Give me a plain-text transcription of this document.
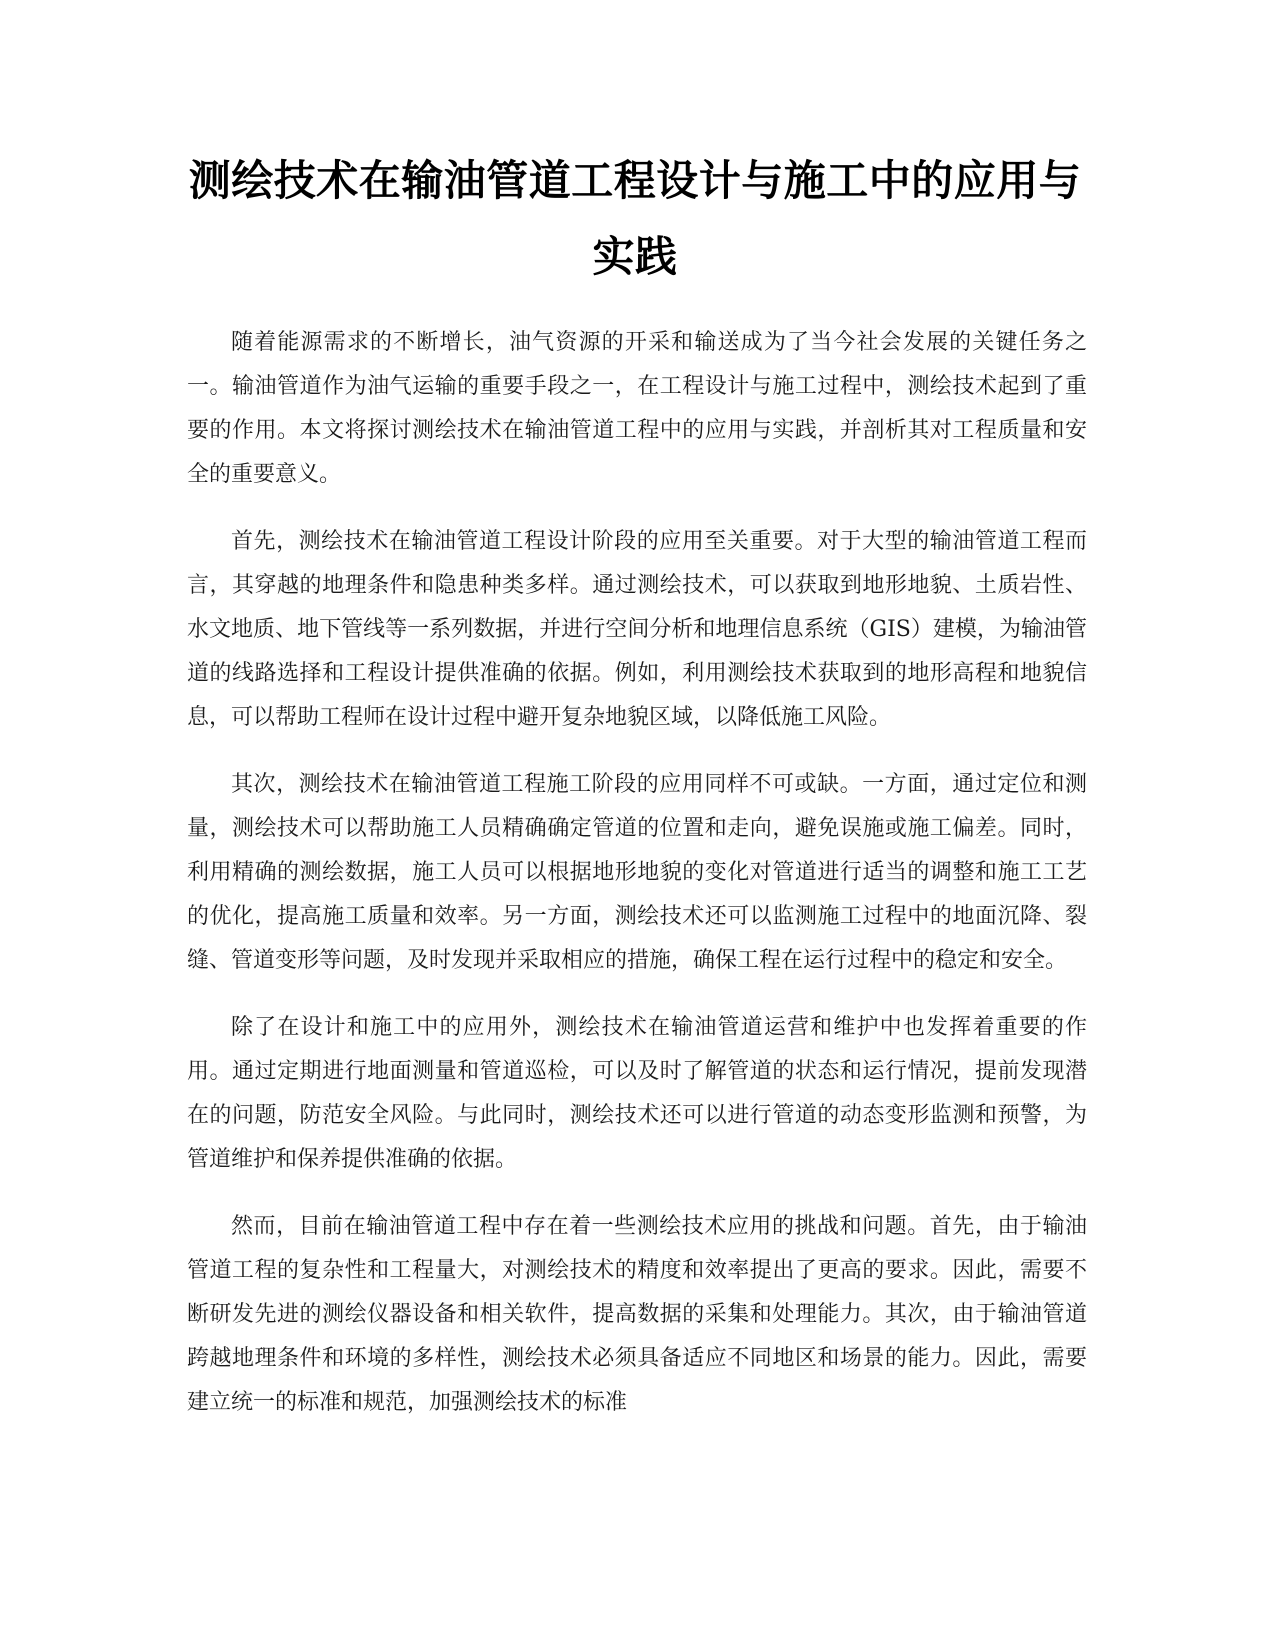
测绘技术在输油管道工程设计与施工中的应用与实践

随着能源需求的不断增长，油气资源的开采和输送成为了当今社会发展的关键任务之一。输油管道作为油气运输的重要手段之一，在工程设计与施工过程中，测绘技术起到了重要的作用。本文将探讨测绘技术在输油管道工程中的应用与实践，并剖析其对工程质量和安全的重要意义。

首先，测绘技术在输油管道工程设计阶段的应用至关重要。对于大型的输油管道工程而言，其穿越的地理条件和隐患种类多样。通过测绘技术，可以获取到地形地貌、土质岩性、水文地质、地下管线等一系列数据，并进行空间分析和地理信息系统（GIS）建模，为输油管道的线路选择和工程设计提供准确的依据。例如，利用测绘技术获取到的地形高程和地貌信息，可以帮助工程师在设计过程中避开复杂地貌区域，以降低施工风险。

其次，测绘技术在输油管道工程施工阶段的应用同样不可或缺。一方面，通过定位和测量，测绘技术可以帮助施工人员精确确定管道的位置和走向，避免误施或施工偏差。同时，利用精确的测绘数据，施工人员可以根据地形地貌的变化对管道进行适当的调整和施工工艺的优化，提高施工质量和效率。另一方面，测绘技术还可以监测施工过程中的地面沉降、裂缝、管道变形等问题，及时发现并采取相应的措施，确保工程在运行过程中的稳定和安全。

除了在设计和施工中的应用外，测绘技术在输油管道运营和维护中也发挥着重要的作用。通过定期进行地面测量和管道巡检，可以及时了解管道的状态和运行情况，提前发现潜在的问题，防范安全风险。与此同时，测绘技术还可以进行管道的动态变形监测和预警，为管道维护和保养提供准确的依据。

然而，目前在输油管道工程中存在着一些测绘技术应用的挑战和问题。首先，由于输油管道工程的复杂性和工程量大，对测绘技术的精度和效率提出了更高的要求。因此，需要不断研发先进的测绘仪器设备和相关软件，提高数据的采集和处理能力。其次，由于输油管道跨越地理条件和环境的多样性，测绘技术必须具备适应不同地区和场景的能力。因此，需要建立统一的标准和规范，加强测绘技术的标准
